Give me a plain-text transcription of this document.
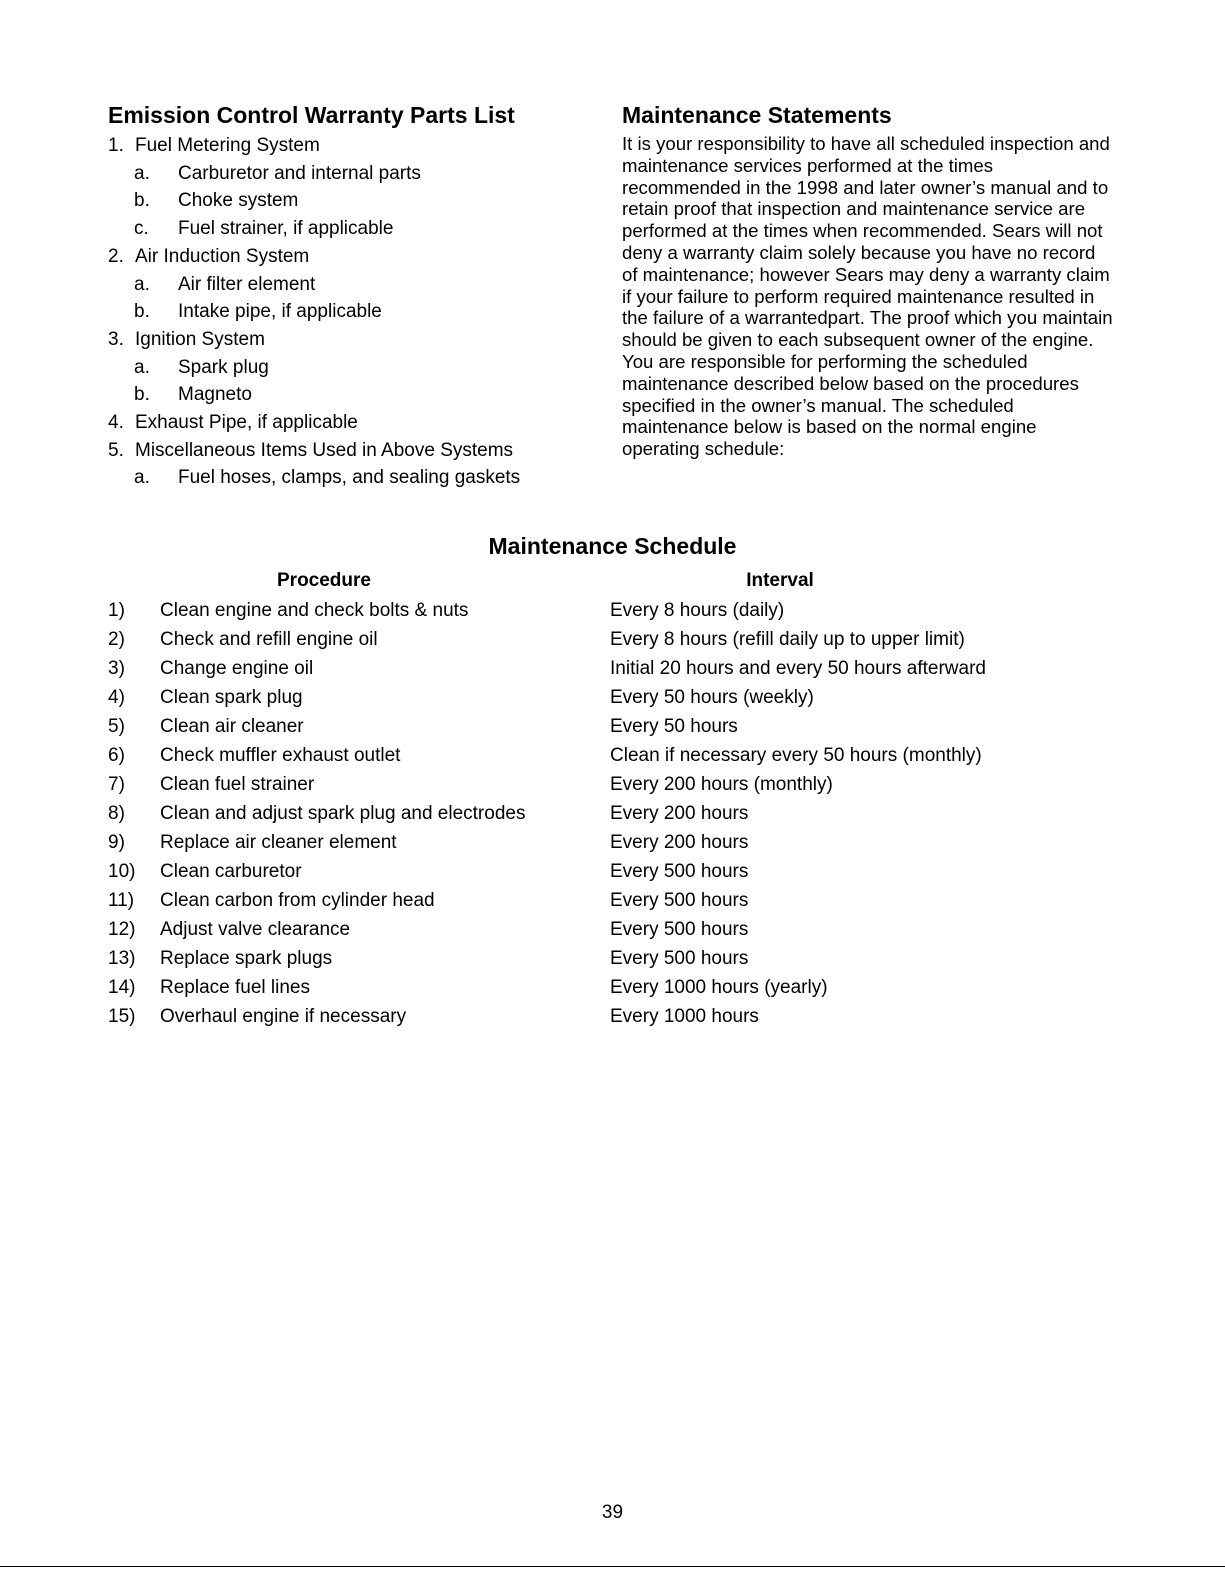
Emission Control Warranty Parts List
1. Fuel Metering System
a.	Carburetor and internal parts
b.	Choke system
c.	Fuel strainer, if applicable
2. Air Induction System
a.	Air filter element
b.	Intake pipe, if applicable
3. Ignition System
a.	Spark plug
b.	Magneto
4. Exhaust Pipe, if applicable
5. Miscellaneous Items Used in Above Systems
a.	Fuel hoses, clamps, and sealing gaskets
Maintenance Statements

It is your responsibility to have all scheduled inspection and maintenance services performed at the times recommended in the 1998 and later owner’s manual and to retain proof that inspection and maintenance service are performed at the times when recommended. Sears will not deny a warranty claim solely because you have no record of maintenance; however Sears may deny a warranty claim if your failure to perform required maintenance resulted in the failure of a warrantedpart. The proof which you maintain should be given to each subsequent owner of the engine. You are responsible for performing the scheduled maintenance described below based on the procedures specified in the owner’s manual. The scheduled maintenance below is based on the normal engine operating schedule:

Maintenance Schedule
Procedure	Interval
1) Clean engine and check bolts & nuts	Every 8 hours (daily)
2) Check and refill engine oil	Every 8 hours (refill daily up to upper limit)
3) Change engine oil	Initial 20 hours and every 50 hours afterward
4) Clean spark plug	Every 50 hours (weekly)
5) Clean air cleaner	Every 50 hours
6) Check muffler exhaust outlet	Clean if necessary every 50 hours (monthly)
7) Clean fuel strainer	Every 200 hours (monthly)
8) Clean and adjust spark plug and electrodes	Every 200 hours
9) Replace air cleaner element	Every 200 hours
10) Clean carburetor	Every 500 hours
11) Clean carbon from cylinder head	Every 500 hours
12) Adjust valve clearance	Every 500 hours
13) Replace spark plugs	Every 500 hours
14) Replace fuel lines	Every 1000 hours (yearly)
15) Overhaul engine if necessary	Every 1000 hours
39
